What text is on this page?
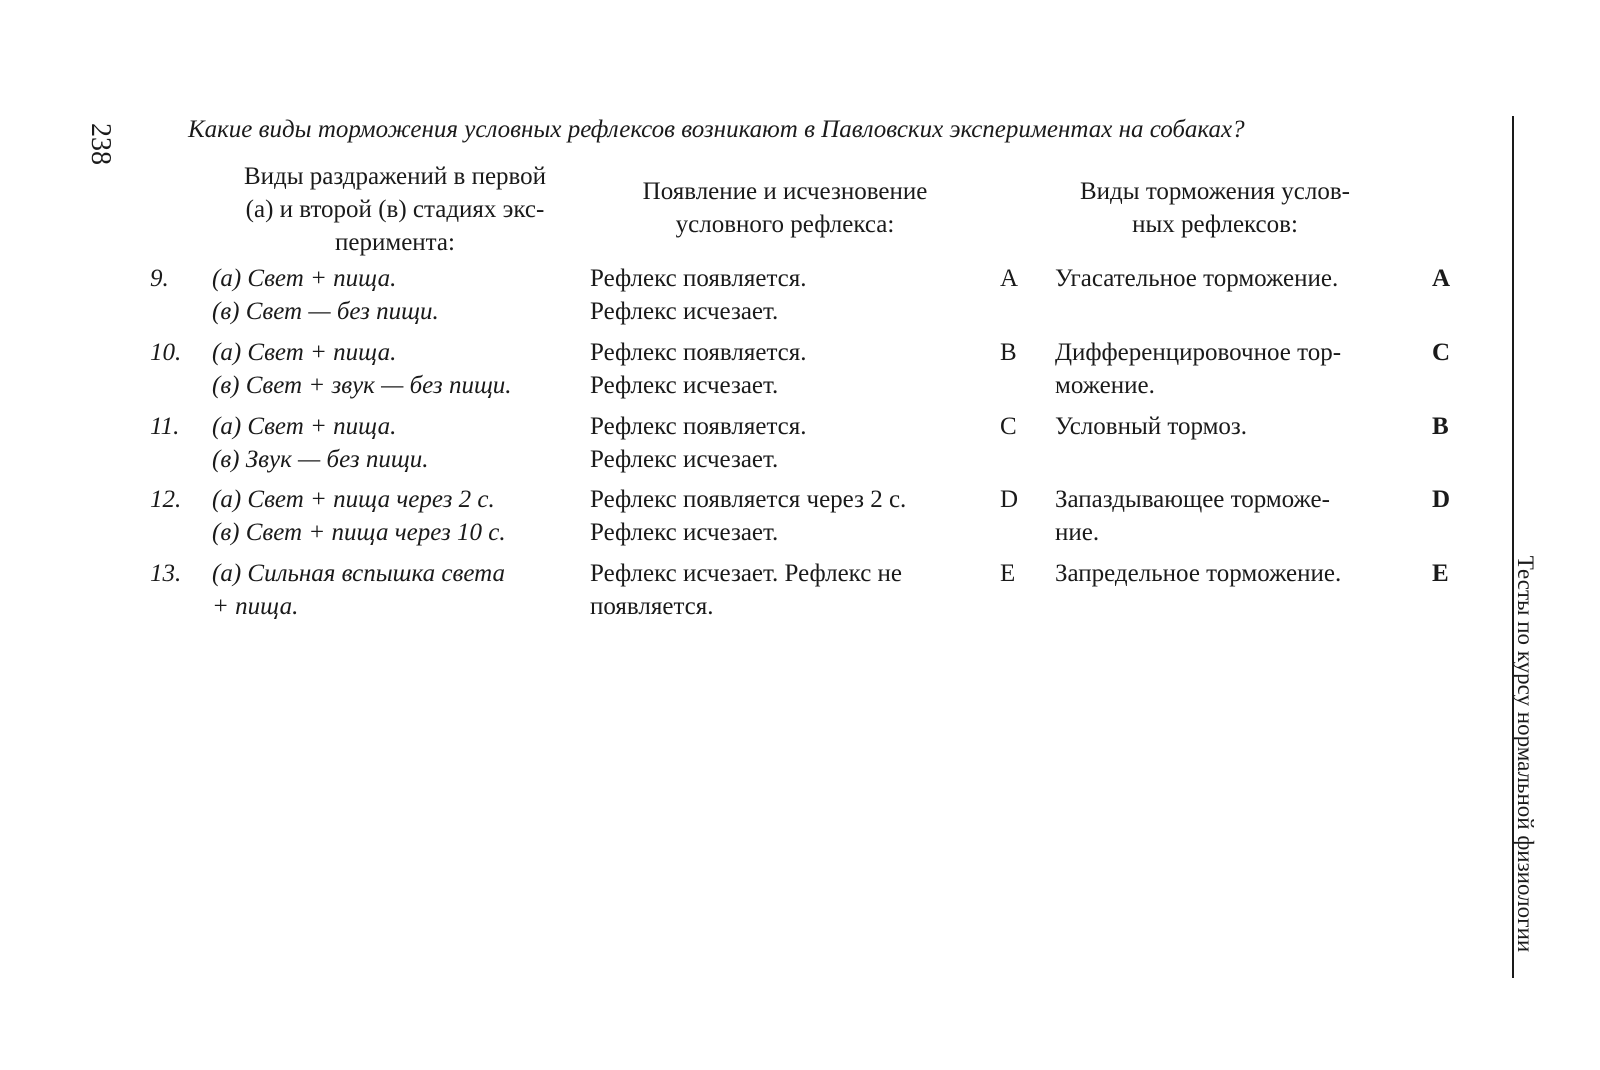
238	Какие виды торможения условных рефлексов возникают в Павловских экспериментах на собаках?
Виды раздражений в первой
(а) и второй (в) стадиях экс-
перимента:
Появление и исчезновение
условного рефлекса:
Виды торможения услов-
ных рефлексов:
9.	(а) Свет + пища.
(в) Свет — без пищи.
Рефлекс появляется.
Рефлекс исчезает.
A	Угасательное торможение.	A
10.	(а) Свет + пища.
(в) Свет + звук — без пищи.
Рефлекс появляется.
Рефлекс исчезает.
B	Дифференцировочное тор-
можение.
C
11.	(а) Свет + пища.
(в) Звук — без пищи.
Рефлекс появляется.
Рефлекс исчезает.
C	Условный тормоз.	B
12.	(а) Свет + пища через 2 с.
(в) Свет + пища через 10 с.
Рефлекс появляется через 2 с.
Рефлекс исчезает.
D	Запаздывающее торможе-
ние.
D
13.	(а) Сильная вспышка света
+ пища.
Рефлекс исчезает. Рефлекс не
появляется.
E	Запредельное торможение.	E	Тесты по курсу нормальной физиологии
